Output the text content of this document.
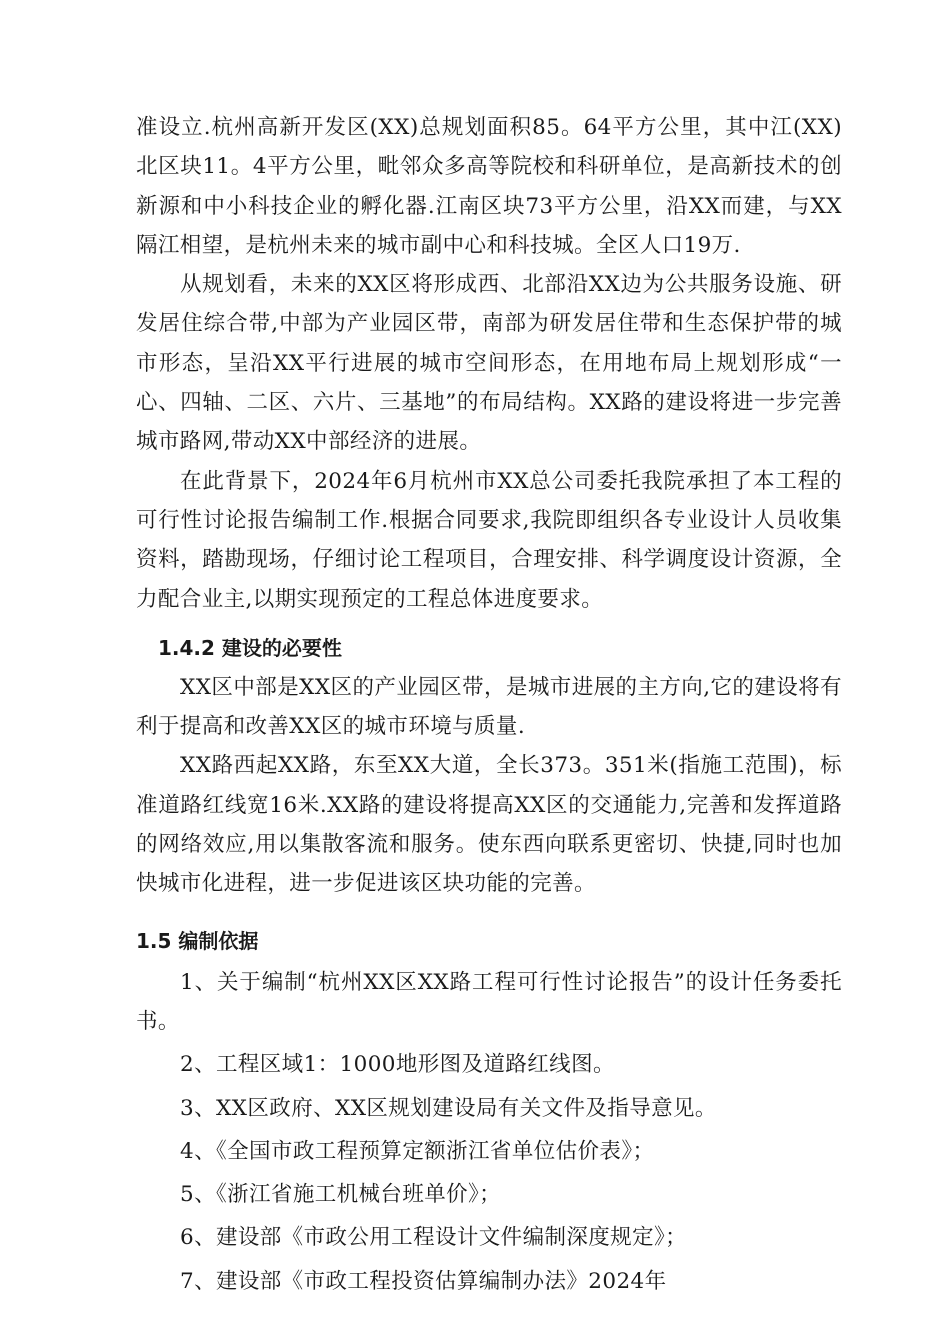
准设立.杭州高新开发区(XX)总规划面积85。64平方公里，其中江(XX)北区块11。4平方公里，毗邻众多高等院校和科研单位，是高新技术的创新源和中小科技企业的孵化器.江南区块73平方公里，沿XX而建，与XX隔江相望，是杭州未来的城市副中心和科技城。全区人口19万.

从规划看，未来的XX区将形成西、北部沿XX边为公共服务设施、研发居住综合带,中部为产业园区带，南部为研发居住带和生态保护带的城市形态，呈沿XX平行进展的城市空间形态，在用地布局上规划形成“一心、四轴、二区、六片、三基地”的布局结构。XX路的建设将进一步完善城市路网,带动XX中部经济的进展。

在此背景下，2024年6月杭州市XX总公司委托我院承担了本工程的可行性讨论报告编制工作.根据合同要求,我院即组织各专业设计人员收集资料，踏勘现场，仔细讨论工程项目，合理安排、科学调度设计资源，全力配合业主,以期实现预定的工程总体进度要求。

1.4.2 建设的必要性

XX区中部是XX区的产业园区带，是城市进展的主方向,它的建设将有利于提高和改善XX区的城市环境与质量.

XX路西起XX路，东至XX大道，全长373。351米(指施工范围)，标准道路红线宽16米.XX路的建设将提高XX区的交通能力,完善和发挥道路的网络效应,用以集散客流和服务。使东西向联系更密切、快捷,同时也加快城市化进程，进一步促进该区块功能的完善。

1.5 编制依据

1、关于编制“杭州XX区XX路工程可行性讨论报告”的设计任务委托书。

2、工程区域1：1000地形图及道路红线图。

3、XX区政府、XX区规划建设局有关文件及指导意见。

4、《全国市政工程预算定额浙江省单位估价表》；

5、《浙江省施工机械台班单价》；

6、建设部《市政公用工程设计文件编制深度规定》；

7、建设部《市政工程投资估算编制办法》2024年
